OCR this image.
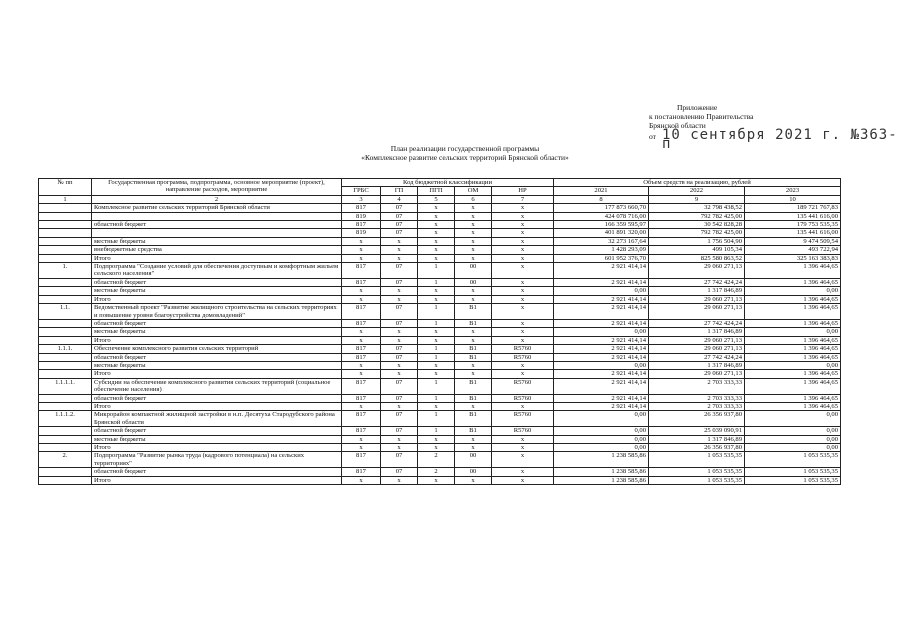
Приложение
к постановлению Правительства
Брянской области
от 10 сентября 2021 г. №363-п
План реализации государственной программы
«Комплексное развитие сельских территорий Брянской области»
№ пп	Государственная программа, подпрограмма, основное мероприятие (проект), направление расходов, мероприятие	Код бюджетной классификации					Объем средств на реализацию, рублей		
		ГРБС	ГП	ПГП	ОМ	НР	2021	2022	2023
1	2	3	4	5	6	7	8	9	10
	Комплексное развитие сельских территорий Брянской области	817	07	х	х	х	177 873 660,70	32 798 438,52	189 721 767,83
		819	07	х	х	х	424 078 716,00	792 782 425,00	135 441 616,00
	областной бюджет	817	07	х	х	х	166 359 595,97	30 542 828,28	179 753 535,35
		819	07	х	х	х	401 891 320,00	792 782 425,00	135 441 616,00
	местные бюджеты	х	х	х	х	х	32 273 167,64	1 756 504,90	9 474 509,54
	внебюджетные средства	х	х	х	х	х	1 428 293,09	499 105,34	493 722,94
	Итого	х	х	х	х	х	601 952 376,70	825 580 863,52	325 163 383,83
1.	Подпрограмма "Создание условий для обеспечения доступным и комфортным жильем сельского населения"	817	07	1	00	х	2 921 414,14	29 060 271,13	1 396 464,65
	областной бюджет	817	07	1	00	х	2 921 414,14	27 742 424,24	1 396 464,65
	местные бюджеты	х	х	х	х	х	0,00	1 317 846,89	0,00
	Итого	х	х	х	х	х	2 921 414,14	29 060 271,13	1 396 464,65
1.1.	Ведомственный проект "Развитие жилищного строительства на сельских территориях и повышение уровня благоустройства домовладений"	817	07	1	В1	х	2 921 414,14	29 060 271,13	1 396 464,65
	областной бюджет	817	07	1	В1	х	2 921 414,14	27 742 424,24	1 396 464,65
	местные бюджеты	х	х	х	х	х	0,00	1 317 846,89	0,00
	Итого	х	х	х	х	х	2 921 414,14	29 060 271,13	1 396 464,65
1.1.1.	Обеспечение комплексного развития сельских территорий	817	07	1	В1	R5760	2 921 414,14	29 060 271,13	1 396 464,65
	областной бюджет	817	07	1	В1	R5760	2 921 414,14	27 742 424,24	1 396 464,65
	местные бюджеты	х	х	х	х	х	0,00	1 317 846,89	0,00
	Итого	х	х	х	х	х	2 921 414,14	29 060 271,13	1 396 464,65
1.1.1.1.	Субсидии на обеспечение комплексного развития сельских территорий (социальное обеспечение населения)	817	07	1	В1	R5760	2 921 414,14	2 703 333,33	1 396 464,65
	областной бюджет	817	07	1	В1	R5760	2 921 414,14	2 703 333,33	1 396 464,65
	Итого	х	х	х	х	х	2 921 414,14	2 703 333,33	1 396 464,65
1.1.1.2.	Микрорайон компактной жилищной застройки в н.п. Десятуха Стародубского района Брянской области	817	07	1	В1	R5760	0,00	26 356 937,80	0,00
	областной бюджет	817	07	1	В1	R5760	0,00	25 039 090,91	0,00
	местные бюджеты	х	х	х	х	х	0,00	1 317 846,89	0,00
	Итого	х	х	х	х	х	0,00	26 356 937,80	0,00
2.	Подпрограмма "Развитие рынка труда (кадрового потенциала) на сельских территориях"	817	07	2	00	х	1 238 585,86	1 053 535,35	1 053 535,35
	областной бюджет	817	07	2	00	х	1 238 585,86	1 053 535,35	1 053 535,35
	Итого	х	х	х	х	х	1 238 585,86	1 053 535,35	1 053 535,35
